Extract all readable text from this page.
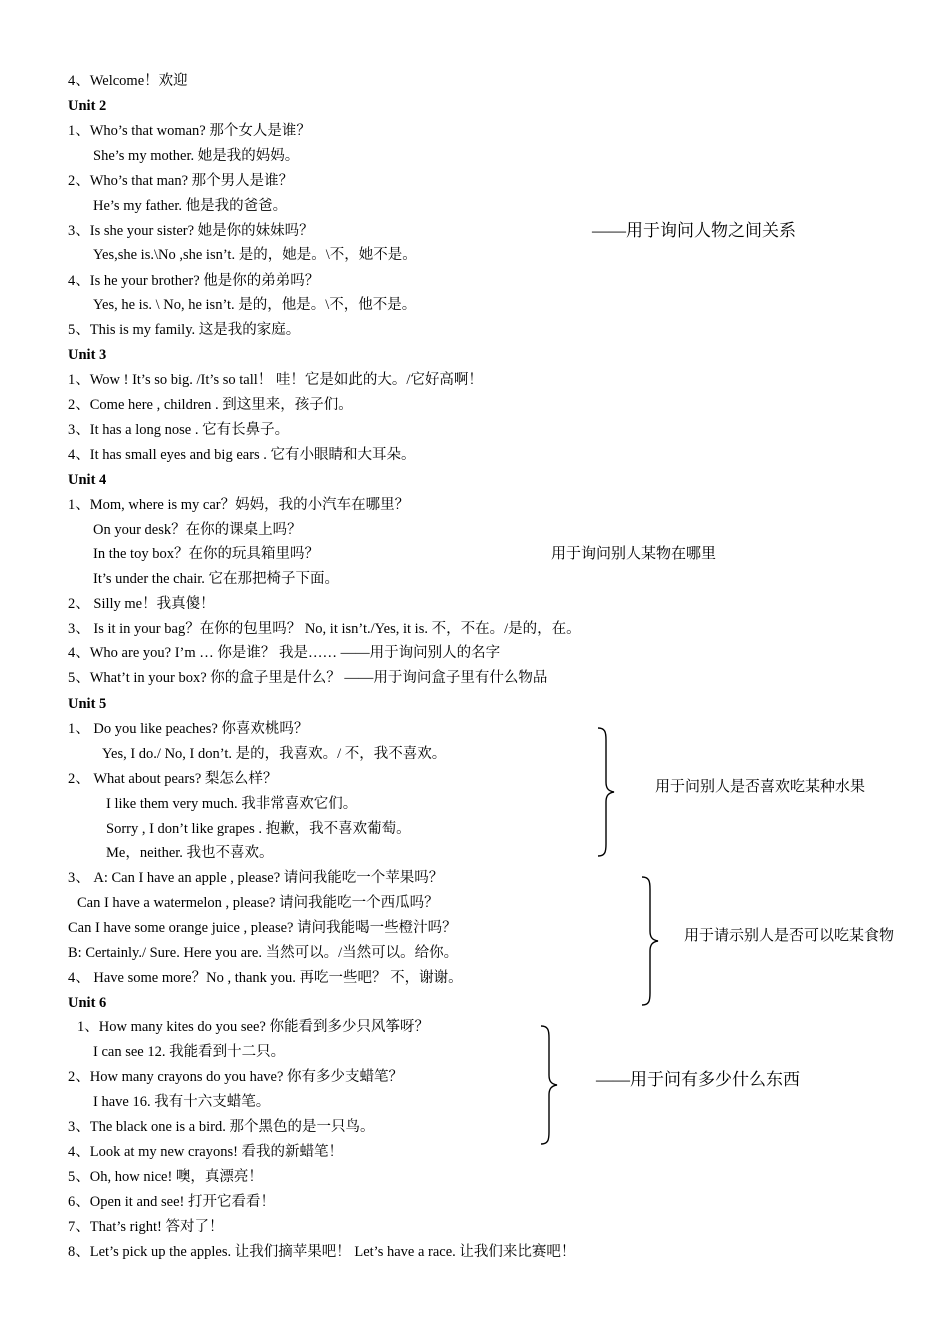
4、Welcome！欢迎
Unit 2
1、Who’s that woman? 那个女人是谁？
She’s my mother. 她是我的妈妈。
2、Who’s that man? 那个男人是谁？
He’s my father. 他是我的爸爸。
3、Is she your sister? 她是你的妹妹吗？
Yes,she is.\No ,she isn’t. 是的，她是。\不，她不是。
4、Is he your brother? 他是你的弟弟吗？
Yes, he is. \ No, he isn’t. 是的，他是。\不，他不是。
5、This is my family. 这是我的家庭。
Unit 3
1、Wow ! It’s so big. /It’s so tall！ 哇！它是如此的大。/它好高啊！
2、Come here , children . 到这里来，孩子们。
3、It has a long nose . 它有长鼻子。
4、It has small eyes and big ears . 它有小眼睛和大耳朵。
Unit 4
1、Mom, where is my car？妈妈，我的小汽车在哪里？
On your desk？在你的课桌上吗？
In the toy box？在你的玩具箱里吗？
It’s under the chair. 它在那把椅子下面。
2、 Silly me！我真傻！
3、 Is it in your bag？在你的包里吗？ No, it isn’t./Yes, it is. 不，不在。/是的，在。
4、Who are you? I’m … 你是谁？ 我是…… ——用于询问别人的名字
5、What’t in your box? 你的盒子里是什么？ ——用于询问盒子里有什么物品
Unit 5
1、 Do you like peaches? 你喜欢桃吗？
Yes, I do./ No, I don’t. 是的，我喜欢。/ 不，我不喜欢。
2、 What about pears? 梨怎么样？
I like them very much. 我非常喜欢它们。
Sorry , I don’t like grapes . 抱歉，我不喜欢葡萄。
Me，neither. 我也不喜欢。
3、 A: Can I have an apple , please? 请问我能吃一个苹果吗？
Can I have a watermelon , please? 请问我能吃一个西瓜吗？
Can I have some orange juice , please? 请问我能喝一些橙汁吗？
B: Certainly./ Sure. Here you are. 当然可以。/当然可以。给你。
4、 Have some more？No , thank you. 再吃一些吧？ 不，谢谢。
Unit 6
1、How many kites do you see? 你能看到多少只风筝呀？
I can see 12. 我能看到十二只。
2、How many crayons do you have? 你有多少支蜡笔？
I have 16. 我有十六支蜡笔。
3、The black one is a bird. 那个黑色的是一只鸟。
4、Look at my new crayons! 看我的新蜡笔！
5、Oh, how nice! 噢，真漂亮！
6、Open it and see! 打开它看看！
7、That’s right! 答对了！
8、Let’s pick up the apples. 让我们摘苹果吧！ Let’s have a race. 让我们来比赛吧！
——用于询问人物之间关系
用于询问别人某物在哪里
用于问别人是否喜欢吃某种水果
用于请示别人是否可以吃某食物
——用于问有多少什么东西
